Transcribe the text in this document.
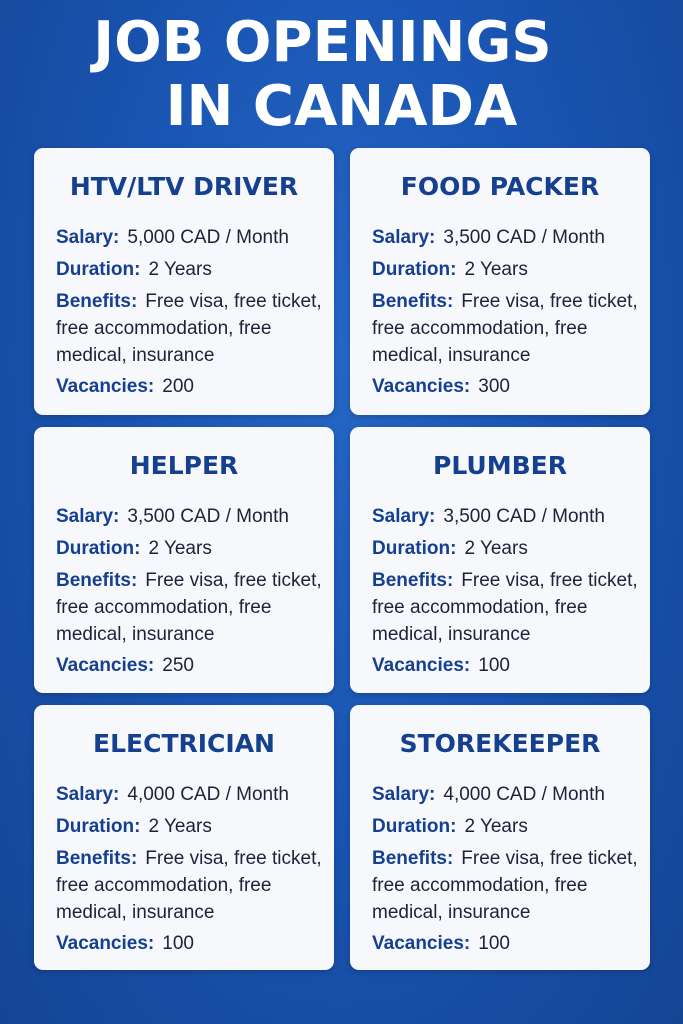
JOB OPENINGS
IN CANADA
HTV/LTV DRIVER
Salary: 5,000 CAD / Month
Duration: 2 Years
Benefits: Free visa, free ticket, free accommodation, free medical, insurance
Vacancies: 200
FOOD PACKER
Salary: 3,500 CAD / Month
Duration: 2 Years
Benefits: Free visa, free ticket, free accommodation, free medical, insurance
Vacancies: 300
HELPER
Salary: 3,500 CAD / Month
Duration: 2 Years
Benefits: Free visa, free ticket, free accommodation, free medical, insurance
Vacancies: 250
PLUMBER
Salary: 3,500 CAD / Month
Duration: 2 Years
Benefits: Free visa, free ticket, free accommodation, free medical, insurance
Vacancies: 100
ELECTRICIAN
Salary: 4,000 CAD / Month
Duration: 2 Years
Benefits: Free visa, free ticket, free accommodation, free medical, insurance
Vacancies: 100
STOREKEEPER
Salary: 4,000 CAD / Month
Duration: 2 Years
Benefits: Free visa, free ticket, free accommodation, free medical, insurance
Vacancies: 100
